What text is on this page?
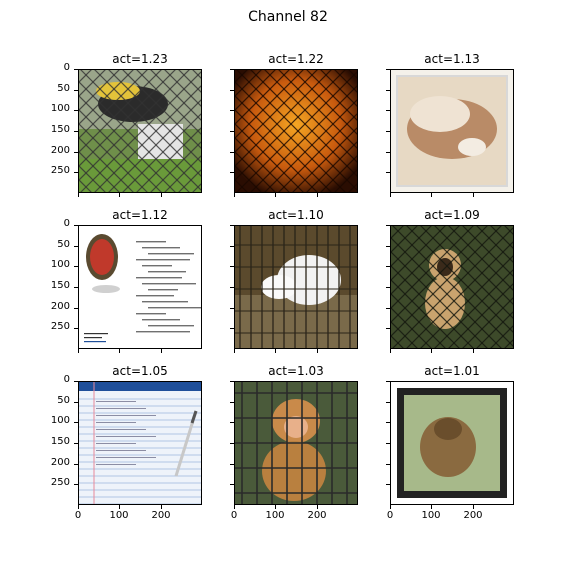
Channel 82
act=1.23
0
50
100
150
200
250
act=1.22	act=1.13
act=1.12
0
50
100
150
200
250
act=1.10	act=1.09
act=1.05
0
50
100
150
200
250
0	100	200
act=1.03
0	100	200
act=1.01
0	100	200
